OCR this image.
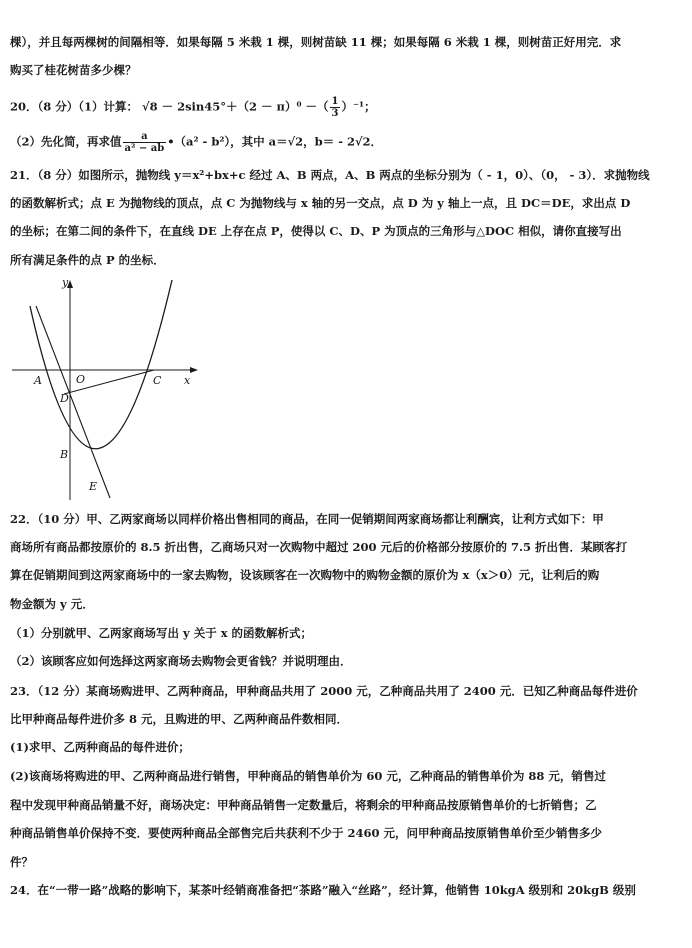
棵），并且每两棵树的间隔相等．如果每隔 5 米栽 1 棵，则树苗缺 11 棵；如果每隔 6 米栽 1 棵，则树苗正好用完．求
购买了桂花树苗多少棵？
20．（8 分）（1）计算： √8 － 2sin45°＋（2 － π）⁰ －（ $\frac{1}{3} )^{-1}$；
（2）先化简，再求值 $\frac{a}{\text{a² − ab}}$ •（a² - b²），其中 a＝√2，b＝ - 2√2．
21．（8 分）如图所示，抛物线 y＝x²+bx+c 经过 A、B 两点，A、B 两点的坐标分别为（ - 1，0）、（0， - 3）．求抛物线
的函数解析式；点 E 为抛物线的顶点，点 C 为抛物线与 x 轴的另一交点，点 D 为 y 轴上一点，且 DC＝DE，求出点 D
的坐标；在第二间的条件下，在直线 DE 上存在点 P，使得以 C、D、P 为顶点的三角形与△DOC 相似，请你直接写出
所有满足条件的点 P 的坐标．
y
x
A	O	C
D
B
E
22．（10 分）甲、乙两家商场以同样价格出售相同的商品，在同一促销期间两家商场都让利酬宾，让利方式如下：甲
商场所有商品都按原价的 8.5 折出售，乙商场只对一次购物中超过 200 元后的价格部分按原价的 7.5 折出售．某顾客打
算在促销期间到这两家商场中的一家去购物，设该顾客在一次购物中的购物金额的原价为 x（x＞0）元，让利后的购
物金额为 y 元．
（1）分别就甲、乙两家商场写出 y 关于 x 的函数解析式；
（2）该顾客应如何选择这两家商场去购物会更省钱？并说明理由．
23．（12 分）某商场购进甲、乙两种商品，甲种商品共用了 2000 元，乙种商品共用了 2400 元．已知乙种商品每件进价
比甲种商品每件进价多 8 元，且购进的甲、乙两种商品件数相同．
(1)求甲、乙两种商品的每件进价；
(2)该商场将购进的甲、乙两种商品进行销售，甲种商品的销售单价为 60 元，乙种商品的销售单价为 88 元，销售过
程中发现甲种商品销量不好，商场决定：甲种商品销售一定数量后，将剩余的甲种商品按原销售单价的七折销售；乙
种商品销售单价保持不变．要使两种商品全部售完后共获利不少于 2460 元，问甲种商品按原销售单价至少销售多少
件？
24．在“一带一路”战略的影响下，某茶叶经销商准备把“茶路”融入“丝路”，经计算，他销售 10kgA 级别和 20kgB 级别
